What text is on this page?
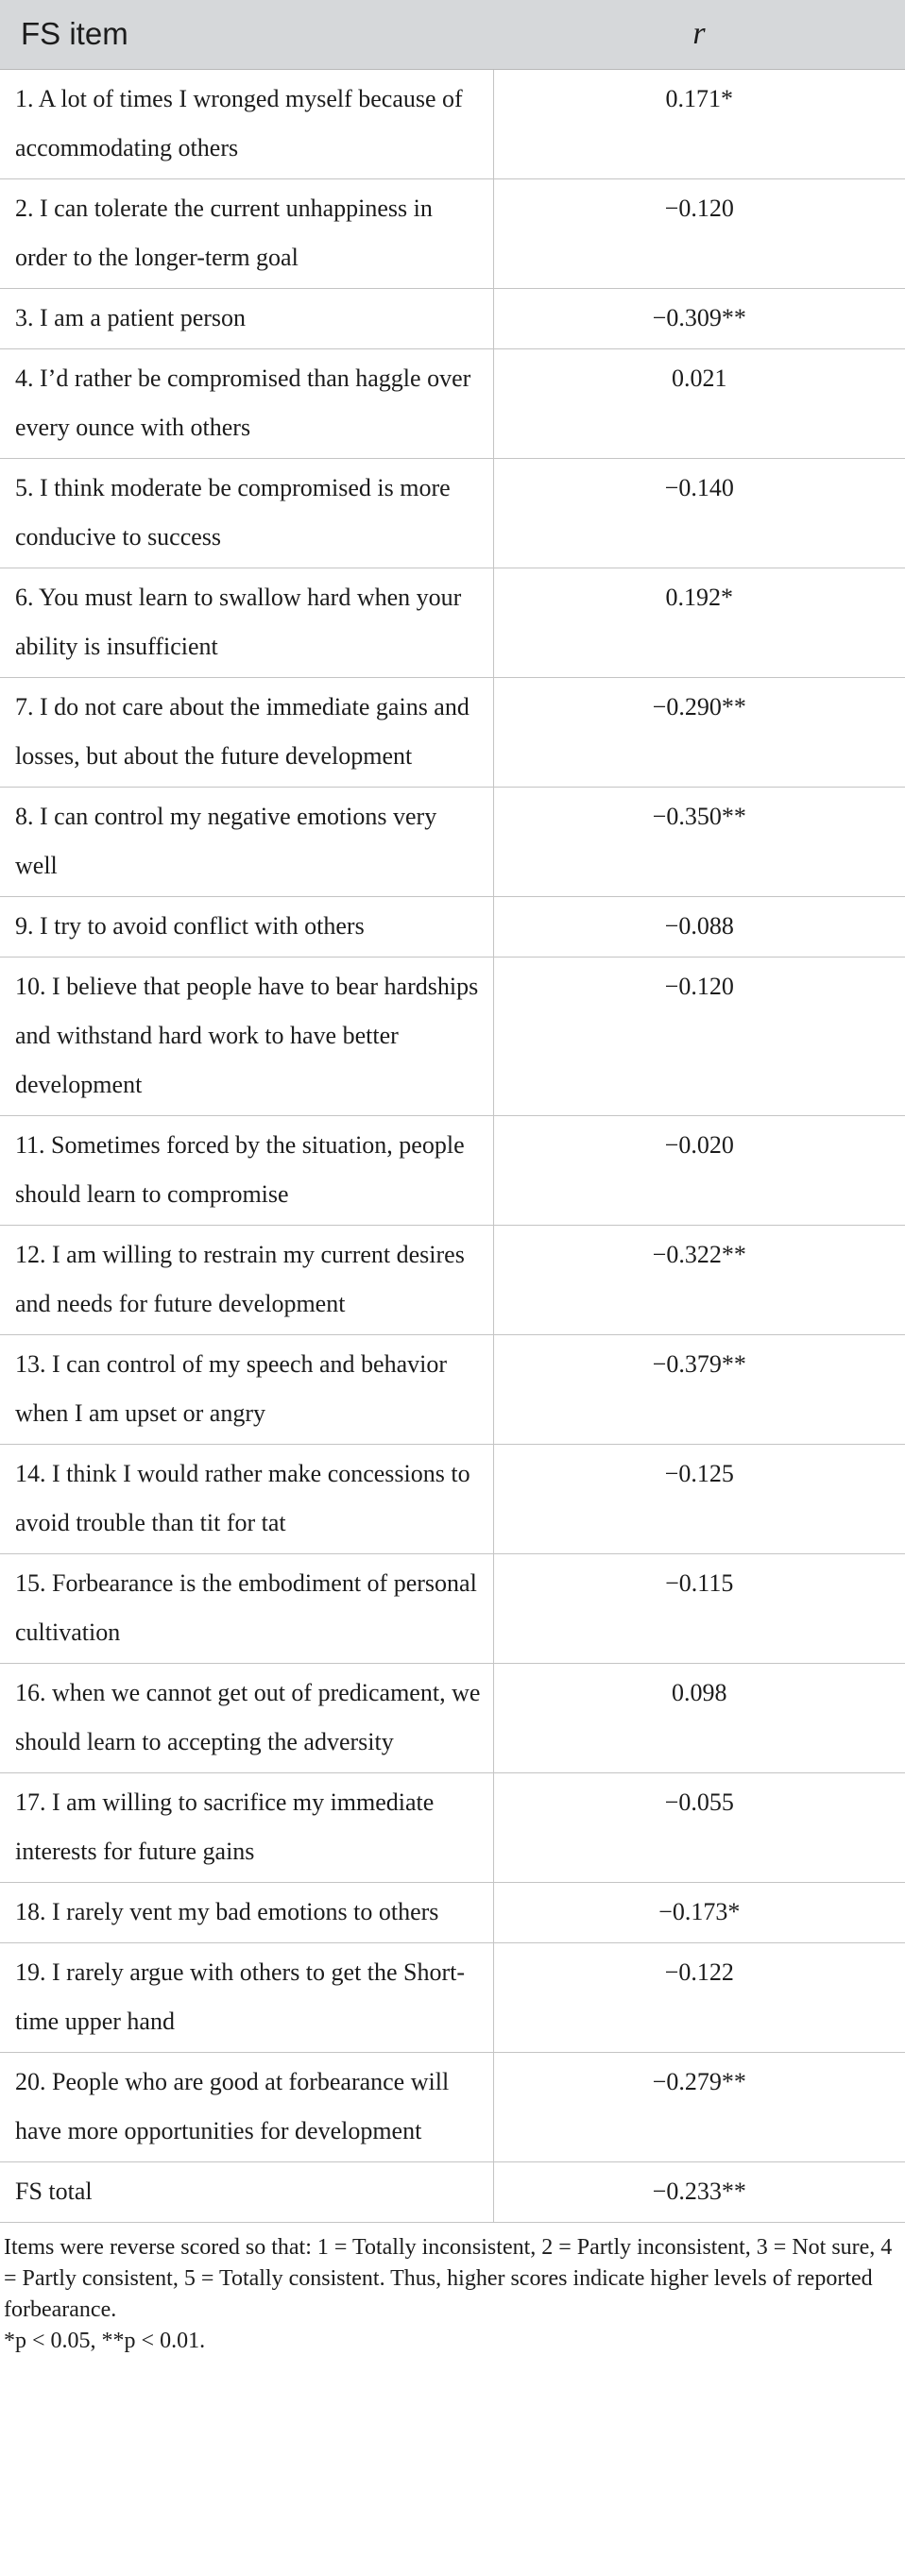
FS item	r
1. A lot of times I wronged myself because of accommodating others	0.171*
2. I can tolerate the current unhappiness in order to the longer-term goal	−0.120
3. I am a patient person	−0.309**
4. I’d rather be compromised than haggle over every ounce with others	0.021
5. I think moderate be compromised is more conducive to success	−0.140
6. You must learn to swallow hard when your ability is insufficient	0.192*
7. I do not care about the immediate gains and losses, but about the future development	−0.290**
8. I can control my negative emotions very well	−0.350**
9. I try to avoid conflict with others	−0.088
10. I believe that people have to bear hardships and withstand hard work to have better development	−0.120
11. Sometimes forced by the situation, people should learn to compromise	−0.020
12. I am willing to restrain my current desires and needs for future development	−0.322**
13. I can control of my speech and behavior when I am upset or angry	−0.379**
14. I think I would rather make concessions to avoid trouble than tit for tat	−0.125
15. Forbearance is the embodiment of personal cultivation	−0.115
16. when we cannot get out of predicament, we should learn to accepting the adversity	0.098
17. I am willing to sacrifice my immediate interests for future gains	−0.055
18. I rarely vent my bad emotions to others	−0.173*
19. I rarely argue with others to get the Short-time upper hand	−0.122
20. People who are good at forbearance will have more opportunities for development	−0.279**
FS total	−0.233**

Items were reverse scored so that: 1 = Totally inconsistent, 2 = Partly inconsistent, 3 = Not sure, 4 = Partly consistent, 5 = Totally consistent. Thus, higher scores indicate higher levels of reported forbearance.

*p < 0.05, **p < 0.01.
